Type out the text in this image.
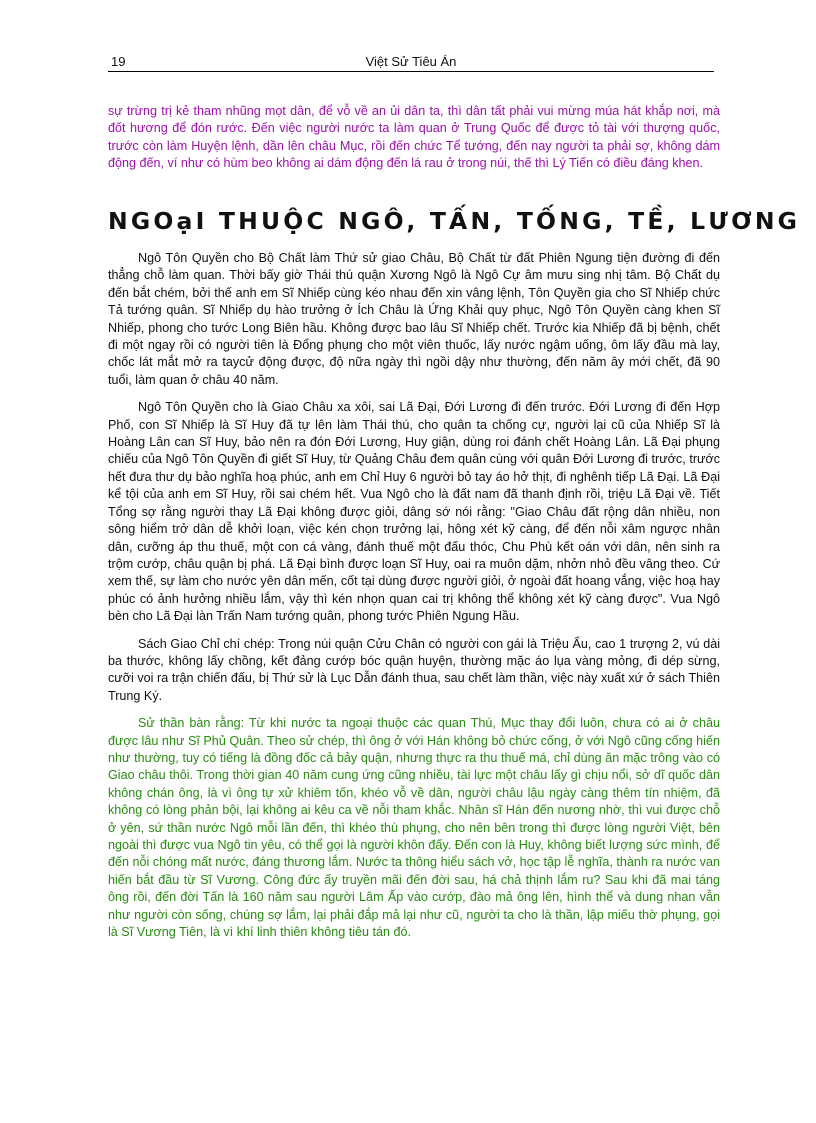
19	Việt Sử Tiêu Án

sự trừng trị kẻ tham nhũng mọt dân, để vỗ về an ủi dân ta, thì dân tất phải vui mừng múa hát khắp nơi, mà đốt hương để đón rước. Đến việc người nước ta làm quan ở Trung Quốc để được tỏ tài với thượng quốc, trước còn làm Huyện lệnh, dần lên châu Mục, rồi đến chức Tể tướng, đến nay người ta phải sợ, không dám động đến, ví như có hùm beo không ai dám động đến lá rau ở trong núi, thế thì Lý Tiến có điều đáng khen.

NGOạI THUỘC NGÔ, TẤN, TỐNG, TỀ, LƯƠNG

Ngô Tôn Quyền cho Bộ Chất làm Thứ sử giao Châu, Bộ Chất từ đất Phiên Ngung tiện đường đi đến thẳng chỗ làm quan. Thời bấy giờ Thái thú quận Xương Ngô là Ngô Cự âm mưu sing nhị tâm. Bộ Chất dụ đến bắt chém, bởi thế anh em Sĩ Nhiếp cùng kéo nhau đến xin vâng lệnh, Tôn Quyền gia cho Sĩ Nhiếp chức Tả tướng quân. Sĩ Nhiếp dụ hào trưởng ở Ích Châu là Ứng Khải quy phục, Ngô Tôn Quyền càng khen Sĩ Nhiếp, phong cho tước Long Biên hầu. Không được bao lâu Sĩ Nhiếp chết. Trước kia Nhiếp đã bị bệnh, chết đi một ngay rồi có người tiên là Đổng phụng cho một viên thuốc, lấy nước ngậm uống, ôm lấy đầu mà lay, chốc lát mắt mở ra taycử động được, độ nữa ngày thì ngồi dậy như thường, đến năm ây mới chết, đã 90 tuổi, làm quan ở châu 40 năm.

Ngô Tôn Quyền cho là Giao Châu xa xôi, sai Lã Đại, Đới Lương đi đến trước. Đới Lương đi đến Hợp Phố, con Sĩ Nhiếp là Sĩ Huy đã tự lên làm Thái thú, cho quân ta chống cự, người lại cũ của Nhiếp Sĩ là Hoàng Lân can Sĩ Huy, bảo nên ra đón Đới Lương, Huy giận, dùng roi đánh chết Hoàng Lân. Lã Đại phụng chiếu của Ngô Tôn Quyền đi giết Sĩ Huy, từ Quảng Châu đem quân cùng với quân Đới Lương đi trước, trước hết đưa thư dụ bảo nghĩa hoạ phúc, anh em Chỉ Huy 6 người bỏ tay áo hở thịt, đi nghênh tiếp Lã Đại. Lã Đại kể tội của anh em Sĩ Huy, rồi sai chém hết. Vua Ngô cho là đất nam đã thanh định rồi, triệu Lã Đại về. Tiết Tổng sợ rằng người thay Lã Đại không được giỏi, dâng sớ nói rằng: "Giao Châu đất rộng dân nhiều, non sông hiểm trở dân dễ khởi loạn, việc kén chọn trưởng lại, hông xét kỹ càng, để đến nỗi xâm ngược nhân dân, cưỡng áp thu thuế, một con cá vàng, đánh thuế một đấu thóc, Chu Phù kết oán với dân, nên sinh ra trộm cướp, châu quận bị phá. Lã Đại bình được loạn Sĩ Huy, oai ra muôn dặm, nhởn nhỏ đều vâng theo. Cứ xem thế, sự làm cho nước yên dân mến, cốt tại dùng được người giỏi, ở ngoài đất hoang vắng, việc hoạ hay phúc có ảnh hưởng nhiều lắm, vậy thì kén nhọn quan cai trị không thể không xét kỹ càng được". Vua Ngô bèn cho Lã Đại làn Trấn Nam tướng quân, phong tước Phiên Ngung Hầu.

Sách Giao Chỉ chí chép: Trong núi quận Cửu Chân có người con gái là Triệu Ẩu, cao 1 trượng 2, vú dài ba thước, không lấy chồng, kết đảng cướp bóc quận huyện, thường mặc áo lụa vàng mỏng, đi dép sừng, cưỡi voi ra trận chiến đấu, bị Thứ sử là Lục Dẫn đánh thua, sau chết làm thần, việc này xuất xứ ở sách Thiên Trung Ký.

Sử thần bàn rằng: Từ khi nước ta ngoại thuộc các quan Thú, Mục thay đổi luôn, chưa có ai ở châu được lâu như Sĩ Phủ Quân. Theo sử chép, thì ông ở với Hán không bỏ chức cống, ở với Ngô cũng cống hiến như thường, tuy có tiếng là đồng đốc cả bảy quận, nhưng thực ra thu thuế má, chỉ dùng ăn mặc trông vào có Giao châu thôi. Trong thời gian 40 năm cung ứng cũng nhiều, tài lực một châu lấy gì chịu nổi, sở dĩ quốc dân không chán ông, là vì ông tự xử khiêm tốn, khéo vỗ về dân, người châu lậu ngày càng thêm tín nhiệm, đã không có lòng phản bội, lại không ai kêu ca về nỗi tham khắc. Nhân sĩ Hán đến nương nhờ, thì vui được chỗ ở yên, sứ thần nước Ngô mỗi lần đến, thì khéo thù phụng, cho nên bên trong thì được lòng người Việt, bên ngoài thì được vua Ngô tin yêu, có thể gọi là người khôn đấy. Đến con là Huy, không biết lượng sức mình, để đến nỗi chóng mất nước, đáng thương lắm. Nước ta thông hiểu sách vở, học tập lễ nghĩa, thành ra nước van hiến bắt đầu từ Sĩ Vương. Công đức ấy truyền mãi đến đời sau, há chả thịnh lắm ru? Sau khi đã mai táng ông rồi, đến đời Tấn là 160 năm sau người Lâm Ấp vào cướp, đào mả ông lên, hình thể và dung nhan vẫn như người còn sống, chúng sợ lắm, lại phải đắp mả lại như cũ, người ta cho là thần, lập miếu thờ phụng, gọi là Sĩ Vương Tiên, là vì khí linh thiên không tiêu tán đó.
